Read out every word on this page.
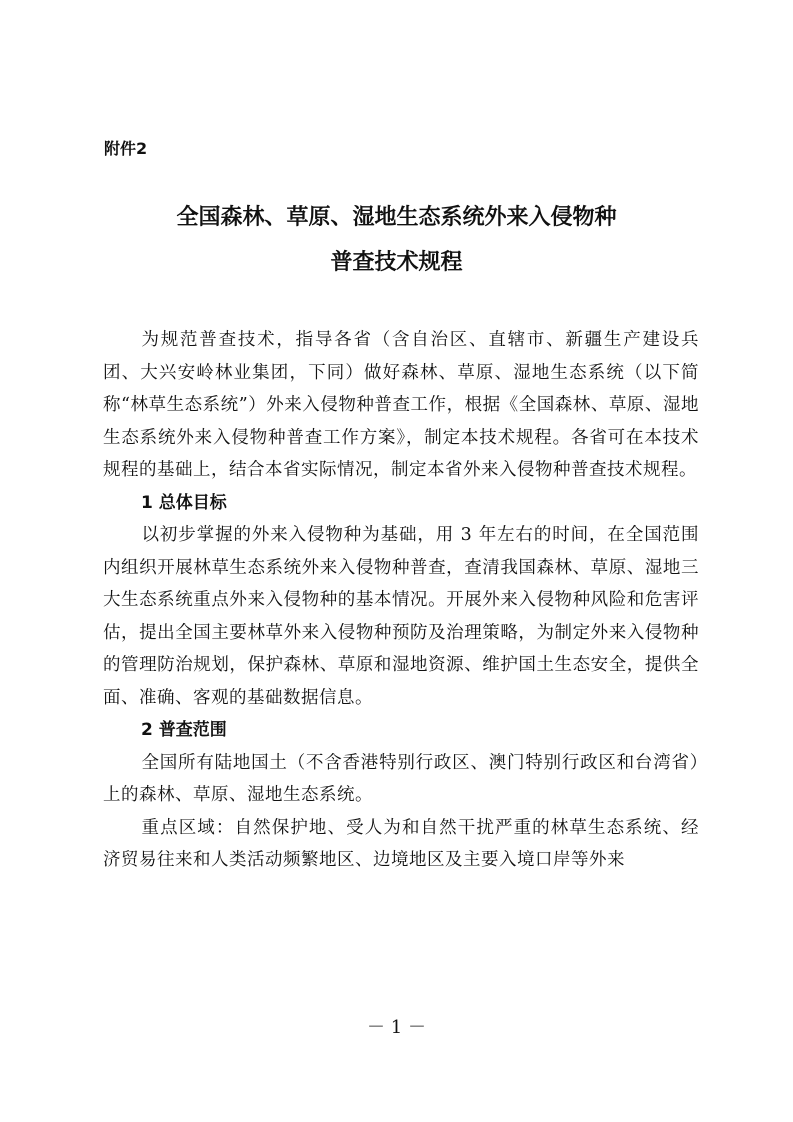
附件2

全国森林、草原、湿地生态系统外来入侵物种
普查技术规程

为规范普查技术，指导各省（含自治区、直辖市、新疆生产建设兵团、大兴安岭林业集团，下同）做好森林、草原、湿地生态系统（以下简称“林草生态系统”）外来入侵物种普查工作，根据《全国森林、草原、湿地生态系统外来入侵物种普查工作方案》，制定本技术规程。各省可在本技术规程的基础上，结合本省实际情况，制定本省外来入侵物种普查技术规程。

1 总体目标

以初步掌握的外来入侵物种为基础，用 3 年左右的时间，在全国范围内组织开展林草生态系统外来入侵物种普查，查清我国森林、草原、湿地三大生态系统重点外来入侵物种的基本情况。开展外来入侵物种风险和危害评估，提出全国主要林草外来入侵物种预防及治理策略，为制定外来入侵物种的管理防治规划，保护森林、草原和湿地资源、维护国土生态安全，提供全面、准确、客观的基础数据信息。

2 普查范围

全国所有陆地国土（不含香港特别行政区、澳门特别行政区和台湾省）上的森林、草原、湿地生态系统。

重点区域：自然保护地、受人为和自然干扰严重的林草生态系统、经济贸易往来和人类活动频繁地区、边境地区及主要入境口岸等外来

－ 1 －
